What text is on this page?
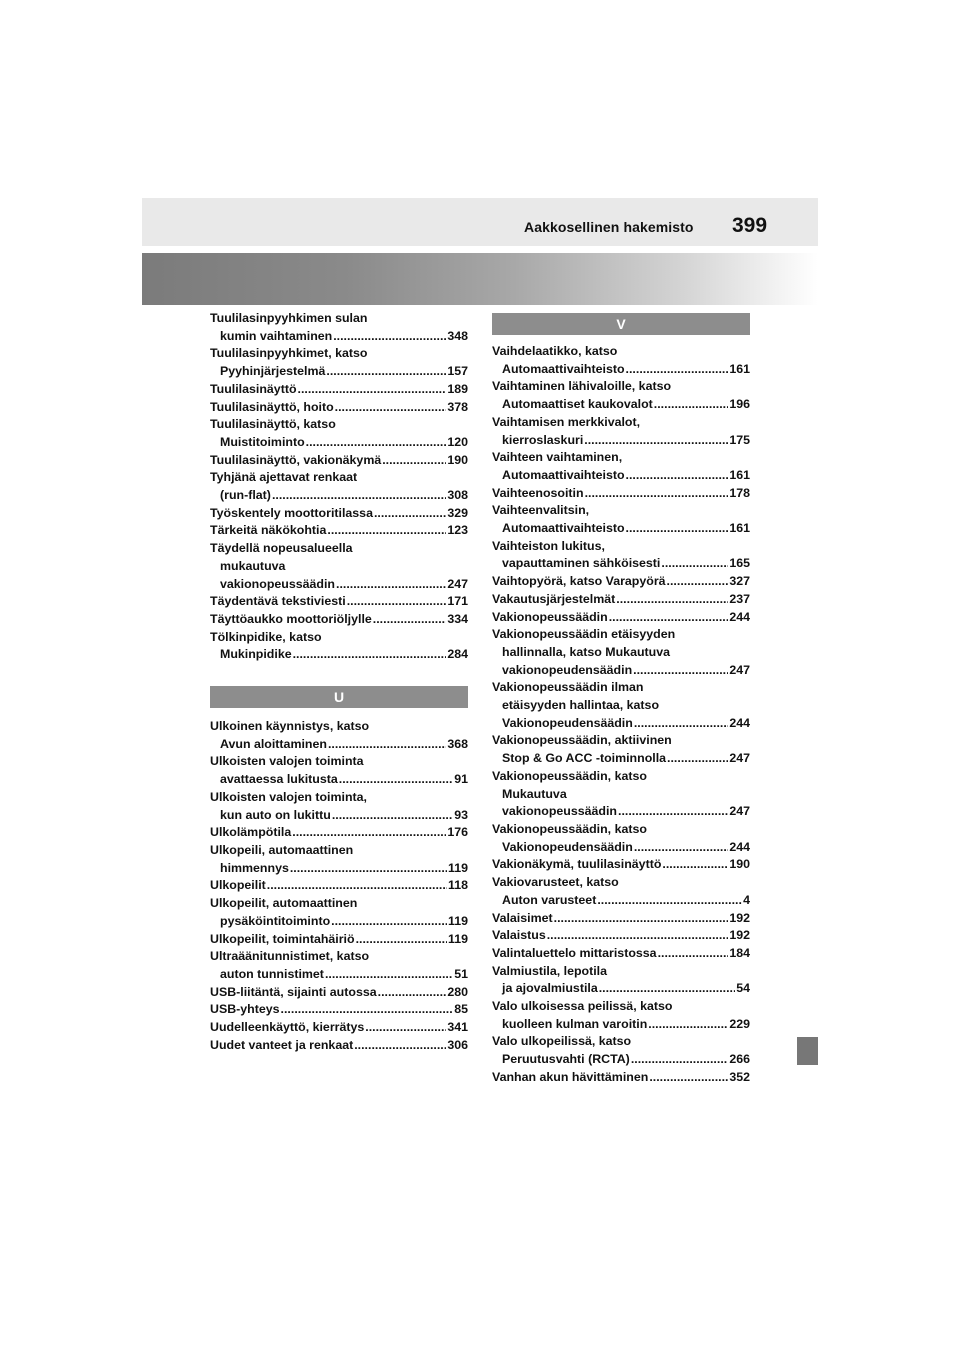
Aakkosellinen hakemisto 399
Tuulilasinpyyhkimen sulan
kumin vaihtaminen .....	348
Tuulilasinpyyhkimet, katso
Pyyhinjärjestelmä .....	157
Tuulilasinäyttö .....	189
Tuulilasinäyttö, hoito .....	378
Tuulilasinäyttö, katso
Muistitoiminto .....	120
Tuulilasinäyttö, vakionäkymä .....	190
Tyhjänä ajettavat renkaat
(run-flat) .....	308
Työskentely moottoritilassa .....	329
Tärkeitä näkökohtia .....	123
Täydellä nopeusalueella
mukautuva
vakionopeussäädin .....	247
Täydentävä tekstiviesti .....	171
Täyttöaukko moottoriöljylle .....	334
Tölkinpidike, katso
Mukinpidike .....	284
U
Ulkoinen käynnistys, katso
Avun aloittaminen .....	368
Ulkoisten valojen toiminta
avattaessa lukitusta .....	91
Ulkoisten valojen toiminta,
kun auto on lukittu .....	93
Ulkolämpötila .....	176
Ulkopeili, automaattinen
himmennys .....	119
Ulkopeilit .....	118
Ulkopeilit, automaattinen
pysäköintitoiminto .....	119
Ulkopeilit, toimintahäiriö .....	119
Ultraäänitunnistimet, katso
auton tunnistimet .....	51
USB-liitäntä, sijainti autossa .....	280
USB-yhteys .....	85
Uudelleenkäyttö, kierrätys .....	341
Uudet vanteet ja renkaat .....	306
V
Vaihdelaatikko, katso
Automaattivaihteisto .....	161
Vaihtaminen lähivaloille, katso
Automaattiset kaukovalot .....	196
Vaihtamisen merkkivalot,
kierroslaskuri .....	175
Vaihteen vaihtaminen,
Automaattivaihteisto .....	161
Vaihteenosoitin .....	178
Vaihteenvalitsin,
Automaattivaihteisto .....	161
Vaihteiston lukitus,
vapauttaminen sähköisesti .....	165
Vaihtopyörä, katso Varapyörä .....	327
Vakautusjärjestelmät .....	237
Vakionopeussäädin .....	244
Vakionopeussäädin etäisyyden
hallinnalla, katso Mukautuva
vakionopeudensäädin .....	247
Vakionopeussäädin ilman
etäisyyden hallintaa, katso
Vakionopeudensäädin .....	244
Vakionopeussäädin, aktiivinen
Stop & Go ACC -toiminnolla .....	247
Vakionopeussäädin, katso
Mukautuva
vakionopeussäädin .....	247
Vakionopeussäädin, katso
Vakionopeudensäädin .....	244
Vakionäkymä, tuulilasinäyttö .....	190
Vakiovarusteet, katso
Auton varusteet .....	4
Valaisimet .....	192
Valaistus .....	192
Valintaluettelo mittaristossa .....	184
Valmiustila, lepotila
ja ajovalmiustila .....	54
Valo ulkoisessa peilissä, katso
kuolleen kulman varoitin .....	229
Valo ulkopeilissä, katso
Peruutusvahti (RCTA) .....	266
Vanhan akun hävittäminen .....	352
